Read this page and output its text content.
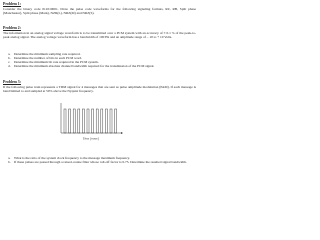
Problem 1:
Consider the binary code 011010001. Draw the pulse code waveforms for the following signaling formats, RZ, RB, Split phase (Manchester), Split phase (Mark), NZR(L), NRZ(M) and NRZ(S).
Problem 2:
The information in an analog signal voltage waveform is to be transmitted over a PCM system with an accuracy of ± 0.1 % of the peak-to-peak analog signal. The analog voltage waveform has a bandwidth of 100 Hz and an amplitude range of – 10 to + 10 Volts.
a. Determine the minimum sampling rate required.
b. Determine the number of bits in each PCM word.
c. Determine the minimum bit rate required in the PCM system.
d. Determine the minimum absolute channel bandwidth required for the transmission of the PCM signal.
Problem 3:
If the following pulse train represents a TDM signal for 4 messages that are sent as pulse amplitude modulation (PAM). If each message is band limited to and sampled at 50% above the Nyquist frequency.
Time [msec]
a. What is the ratio of the system clock frequency to the message maximum frequency.
b. If these pulses are passed through a raised-cosine filter whose roll-off factor is 0.75. Determine the resulted signal bandwidth.
